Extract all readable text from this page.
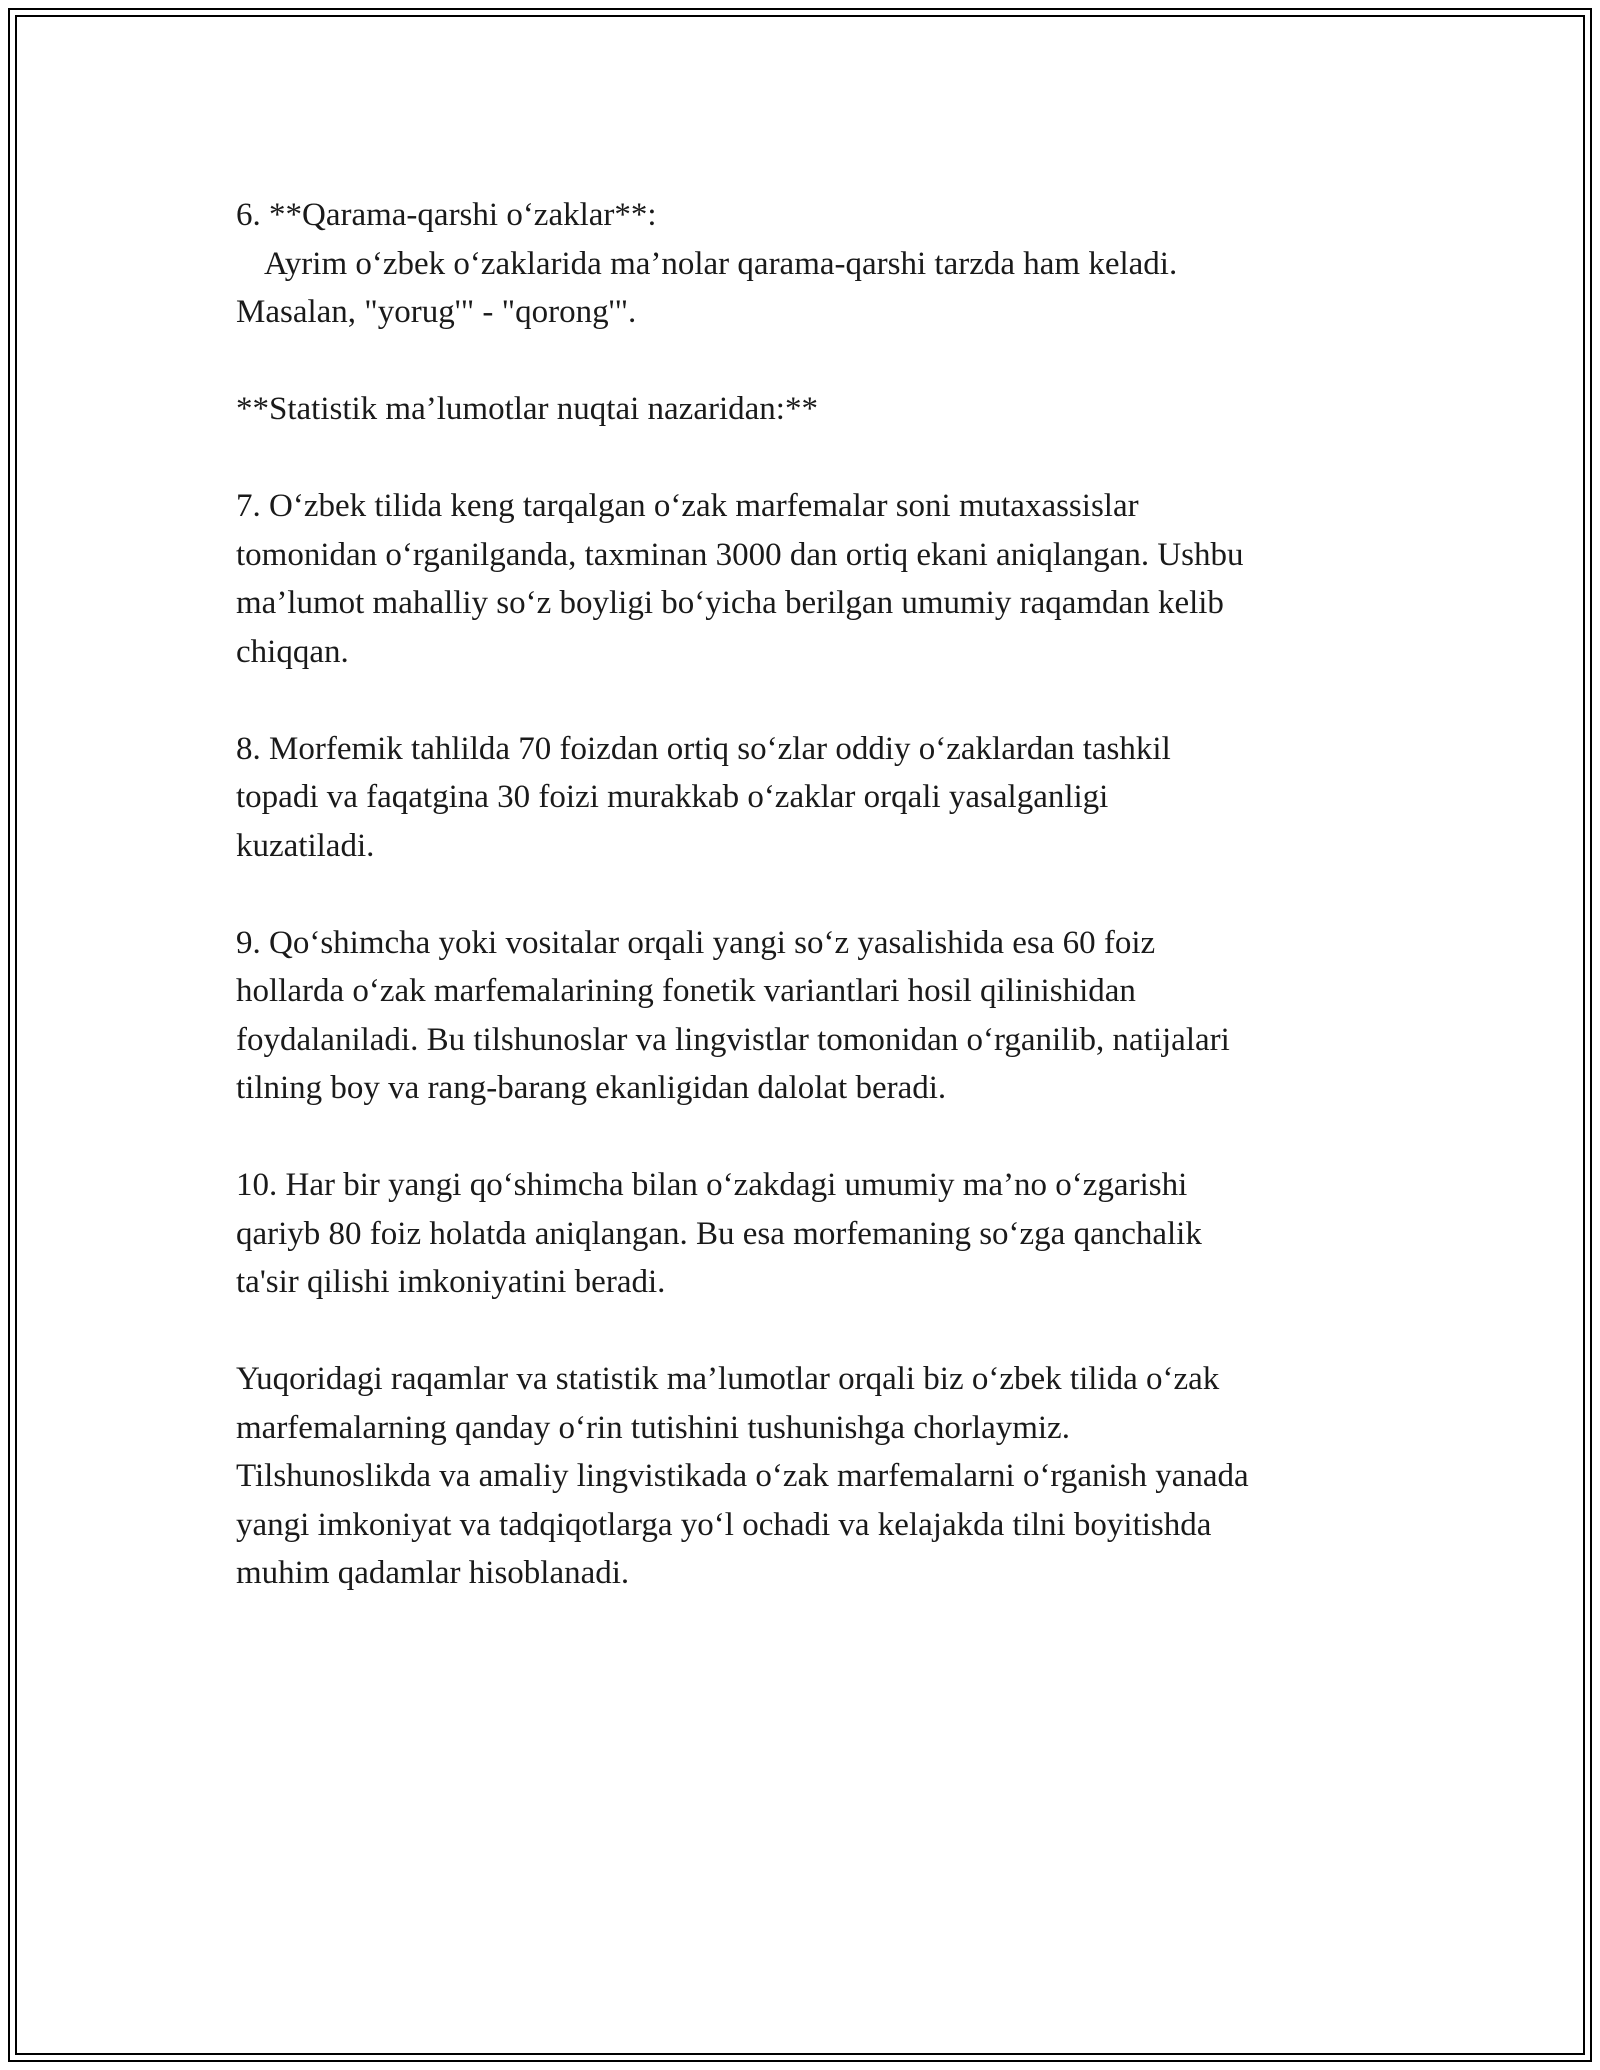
6. **Qarama-qarshi o‘zaklar**:
Ayrim o‘zbek o‘zaklarida ma’nolar qarama-qarshi tarzda ham keladi.
Masalan, "yorug'" - "qorong'".

**Statistik ma’lumotlar nuqtai nazaridan:**

7. O‘zbek tilida keng tarqalgan o‘zak marfemalar soni mutaxassislar
tomonidan o‘rganilganda, taxminan 3000 dan ortiq ekani aniqlangan. Ushbu
ma’lumot mahalliy so‘z boyligi bo‘yicha berilgan umumiy raqamdan kelib
chiqqan.

8. Morfemik tahlilda 70 foizdan ortiq so‘zlar oddiy o‘zaklardan tashkil
topadi va faqatgina 30 foizi murakkab o‘zaklar orqali yasalganligi
kuzatiladi.

9. Qo‘shimcha yoki vositalar orqali yangi so‘z yasalishida esa 60 foiz
hollarda o‘zak marfemalarining fonetik variantlari hosil qilinishidan
foydalaniladi. Bu tilshunoslar va lingvistlar tomonidan o‘rganilib, natijalari
tilning boy va rang-barang ekanligidan dalolat beradi.

10. Har bir yangi qo‘shimcha bilan o‘zakdagi umumiy ma’no o‘zgarishi
qariyb 80 foiz holatda aniqlangan. Bu esa morfemaning so‘zga qanchalik
ta'sir qilishi imkoniyatini beradi.

Yuqoridagi raqamlar va statistik ma’lumotlar orqali biz o‘zbek tilida o‘zak
marfemalarning qanday o‘rin tutishini tushunishga chorlaymiz.
Tilshunoslikda va amaliy lingvistikada o‘zak marfemalarni o‘rganish yanada
yangi imkoniyat va tadqiqotlarga yo‘l ochadi va kelajakda tilni boyitishda
muhim qadamlar hisoblanadi.
